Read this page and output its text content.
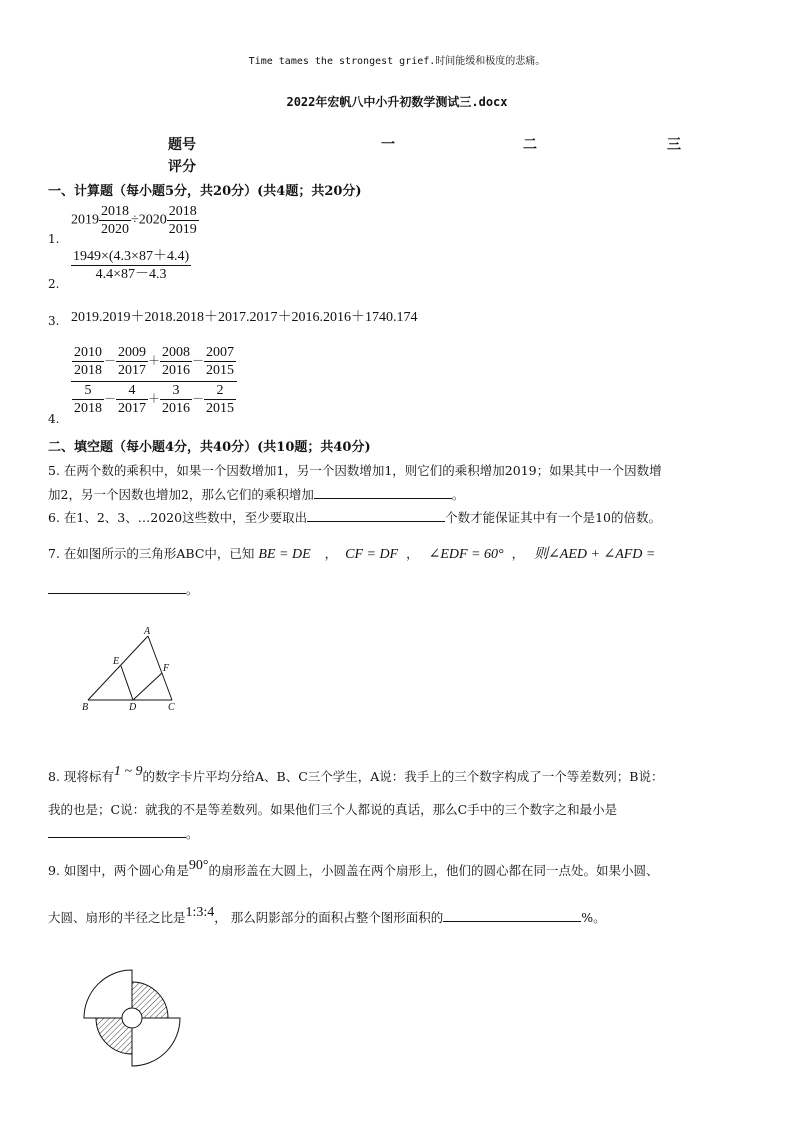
Time tames the strongest grief.时间能缓和极度的悲痛。
2022年宏帆八中小升初数学测试三.docx
题号	一	二	三
评分
一、计算题（每小题5分，共20分）(共4题；共20分)
1.
$2019 \frac{2018}{2020} \div 2020 \frac{2018}{2019}$
2.
$\frac{1949\times(4.3\times 87+4.4)}{4.4\times 87-4.3}$
3. 2019.2019＋2018.2018＋2017.2017＋2016.2016＋1740.174
4. $\frac{\frac{2010}{2018} - \frac{2009}{2017} + \frac{2008}{2016} - \frac{2007}{2015}}{\frac{5}{2018} - \frac{4}{2017} + \frac{3}{2016} - \frac{2}{2015}}$
二、填空题（每小题4分，共40分）(共10题；共40分)
5. 在两个数的乘积中，如果一个因数增加1，另一个因数增加1，则它们的乘积增加2019；如果其中一个因数增
加2，另一个因数也增加2，那么它们的乘积增加	。
6. 在1、2、3、…2020这些数中，至少要取出	个数才能保证其中有一个是10的倍数。
7. 在如图所示的三角形ABC中，已知 BE = DE ， CF = DF ， ∠EDF = 60° ， 则∠AED + ∠AFD =
。
A
B	C
D
E
F
8. 现将标有1 ~ 9的数字卡片平均分给A、B、C三个学生，A说：我手上的三个数字构成了一个等差数列；B说：
我的也是；C说：就我的不是等差数列。如果他们三个人都说的真话，那么C手中的三个数字之和最小是
。
9. 如图中，两个圆心角是90°的扇形盖在大圆上，小圆盖在两个扇形上，他们的圆心都在同一点处。如果小圆、
大圆、扇形的半径之比是1:3:4， 那么阴影部分的面积占整个图形面积的	%。
